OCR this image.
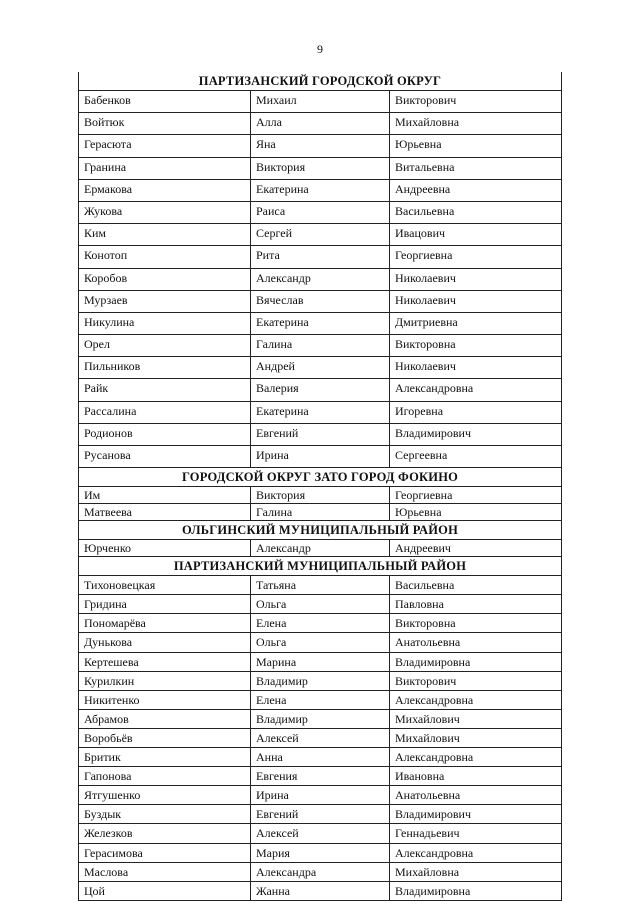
9
ПАРТИЗАНСКИЙ ГОРОДСКОЙ ОКРУГ
Бабенков	Михаил	Викторович
Войтюк	Алла	Михайловна
Герасюта	Яна	Юрьевна
Гранина	Виктория	Витальевна
Ермакова	Екатерина	Андреевна
Жукова	Раиса	Васильевна
Ким	Сергей	Ивацович
Конотоп	Рита	Георгиевна
Коробов	Александр	Николаевич
Мурзаев	Вячеслав	Николаевич
Никулина	Екатерина	Дмитриевна
Орел	Галина	Викторовна
Пильников	Андрей	Николаевич
Райк	Валерия	Александровна
Рассалина	Екатерина	Игоревна
Родионов	Евгений	Владимирович
Русанова	Ирина	Сергеевна
ГОРОДСКОЙ ОКРУГ ЗАТО ГОРОД ФОКИНО
Им	Виктория	Георгиевна
Матвеева	Галина	Юрьевна
ОЛЬГИНСКИЙ МУНИЦИПАЛЬНЫЙ РАЙОН
Юрченко	Александр	Андреевич
ПАРТИЗАНСКИЙ МУНИЦИПАЛЬНЫЙ РАЙОН
Тихоновецкая	Татьяна	Васильевна
Гридина	Ольга	Павловна
Пономарёва	Елена	Викторовна
Дунькова	Ольга	Анатольевна
Кертешева	Марина	Владимировна
Курилкин	Владимир	Викторович
Никитенко	Елена	Александровна
Абрамов	Владимир	Михайлович
Воробьёв	Алексей	Михайлович
Бритик	Анна	Александровна
Гапонова	Евгения	Ивановна
Ятгушенко	Ирина	Анатольевна
Буздык	Евгений	Владимирович
Железков	Алексей	Геннадьевич
Герасимова	Мария	Александровна
Маслова	Александра	Михайловна
Цой	Жанна	Владимировна
